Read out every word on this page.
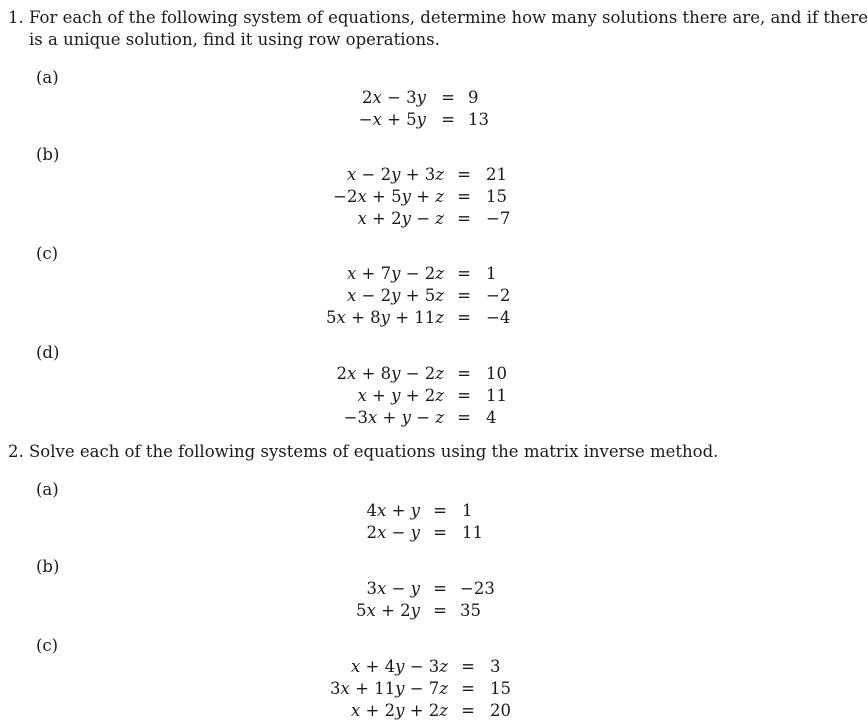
1. For each of the following system of equations, determine how many solutions there are, and if there
is a unique solution, find it using row operations.
(a)
2x − 3y = 9
−x + 5y = 13
(b)
x − 2y + 3z = 21
−2x + 5y + z = 15
x + 2y − z = −7
(c)
x + 7y − 2z = 1
x − 2y + 5z = −2
5x + 8y + 11z = −4
(d)
2x + 8y − 2z = 10
x + y + 2z = 11
−3x + y − z = 4
2. Solve each of the following systems of equations using the matrix inverse method.
(a)
4x + y = 1
2x − y = 11
(b)
3x − y = −23
5x + 2y = 35
(c)
x + 4y − 3z = 3
3x + 11y − 7z = 15
x + 2y + 2z = 20
